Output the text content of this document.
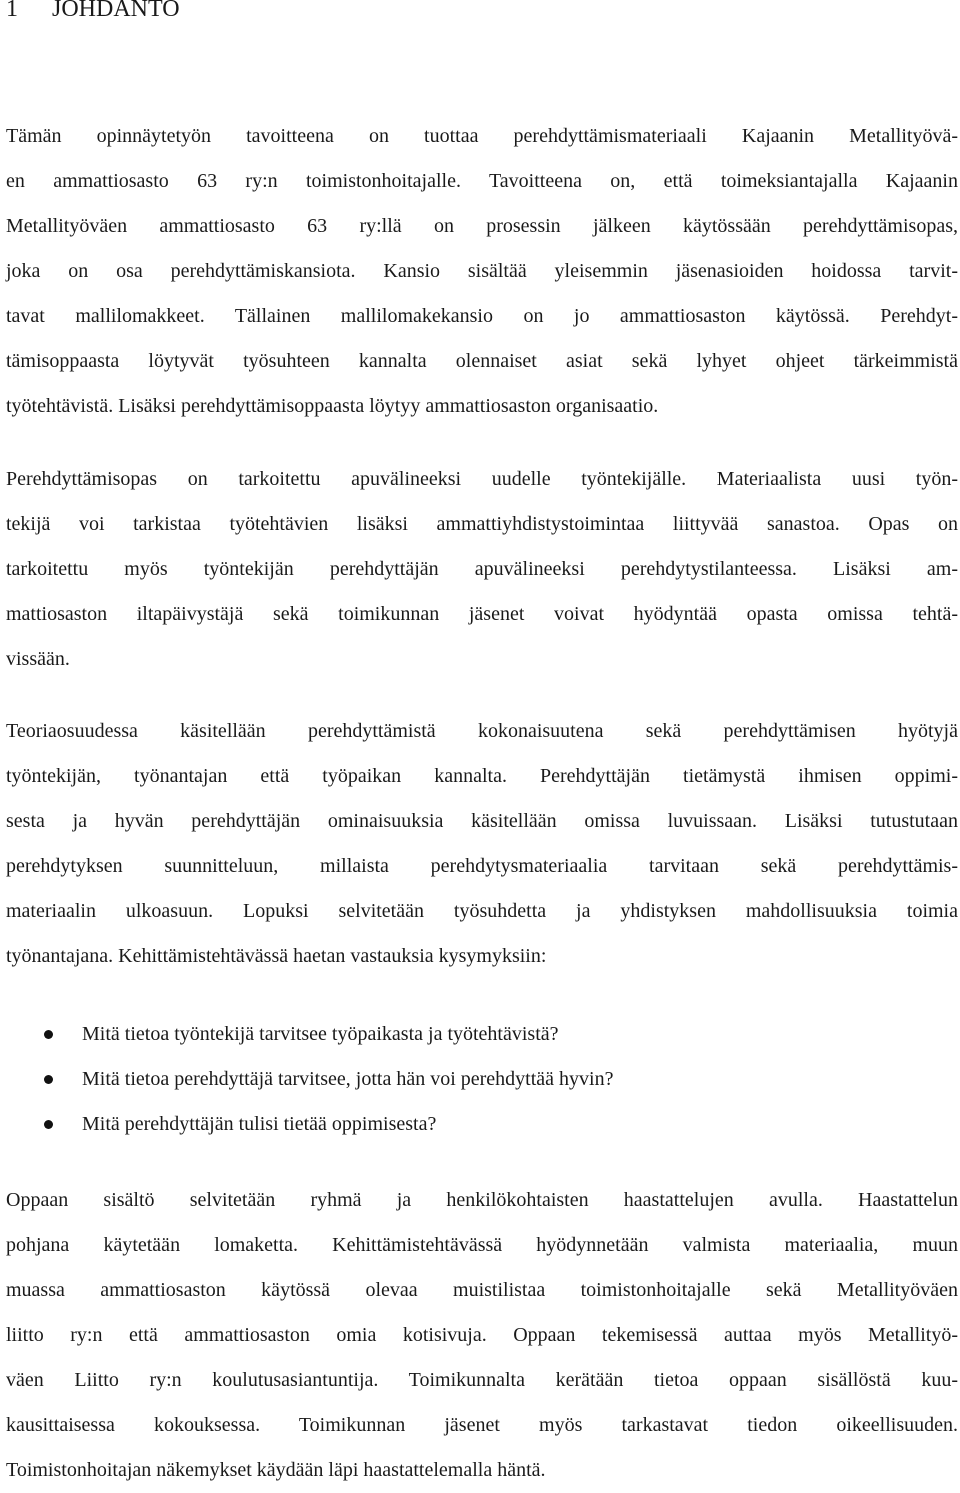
1 JOHDANTO

Tämän opinnäytetyön tavoitteena on tuottaa perehdyttämismateriaali Kajaanin Metallityövä-
en ammattiosasto 63 ry:n toimistonhoitajalle. Tavoitteena on, että toimeksiantajalla Kajaanin
Metallityöväen ammattiosasto 63 ry:llä on prosessin jälkeen käytössään perehdyttämisopas,
joka on osa perehdyttämiskansiota. Kansio sisältää yleisemmin jäsenasioiden hoidossa tarvit-
tavat mallilomakkeet. Tällainen mallilomakekansio on jo ammattiosaston käytössä. Perehdyt-
tämisoppaasta löytyvät työsuhteen kannalta olennaiset asiat sekä lyhyet ohjeet tärkeimmistä
työtehtävistä. Lisäksi perehdyttämisoppaasta löytyy ammattiosaston organisaatio.

Perehdyttämisopas on tarkoitettu apuvälineeksi uudelle työntekijälle. Materiaalista uusi työn-
tekijä voi tarkistaa työtehtävien lisäksi ammattiyhdistystoimintaa liittyvää sanastoa. Opas on
tarkoitettu myös työntekijän perehdyttäjän apuvälineeksi perehdytystilanteessa. Lisäksi am-
mattiosaston iltapäivystäjä sekä toimikunnan jäsenet voivat hyödyntää opasta omissa tehtä-
vissään.

Teoriaosuudessa käsitellään perehdyttämistä kokonaisuutena sekä perehdyttämisen hyötyjä
työntekijän, työnantajan että työpaikan kannalta. Perehdyttäjän tietämystä ihmisen oppimi-
sesta ja hyvän perehdyttäjän ominaisuuksia käsitellään omissa luvuissaan. Lisäksi tutustutaan
perehdytyksen suunnitteluun, millaista perehdytysmateriaalia tarvitaan sekä perehdyttämis-
materiaalin ulkoasuun. Lopuksi selvitetään työsuhdetta ja yhdistyksen mahdollisuuksia toimia
työnantajana. Kehittämistehtävässä haetan vastauksia kysymyksiin:

Mitä tietoa työntekijä tarvitsee työpaikasta ja työtehtävistä?
Mitä tietoa perehdyttäjä tarvitsee, jotta hän voi perehdyttää hyvin?
Mitä perehdyttäjän tulisi tietää oppimisesta?

Oppaan sisältö selvitetään ryhmä ja henkilökohtaisten haastattelujen avulla. Haastattelun
pohjana käytetään lomaketta. Kehittämistehtävässä hyödynnetään valmista materiaalia, muun
muassa ammattiosaston käytössä olevaa muistilistaa toimistonhoitajalle sekä Metallityöväen
liitto ry:n että ammattiosaston omia kotisivuja. Oppaan tekemisessä auttaa myös Metallityö-
väen Liitto ry:n koulutusasiantuntija. Toimikunnalta kerätään tietoa oppaan sisällöstä kuu-
kausittaisessa kokouksessa. Toimikunnan jäsenet myös tarkastavat tiedon oikeellisuuden.
Toimistonhoitajan näkemykset käydään läpi haastattelemalla häntä.
